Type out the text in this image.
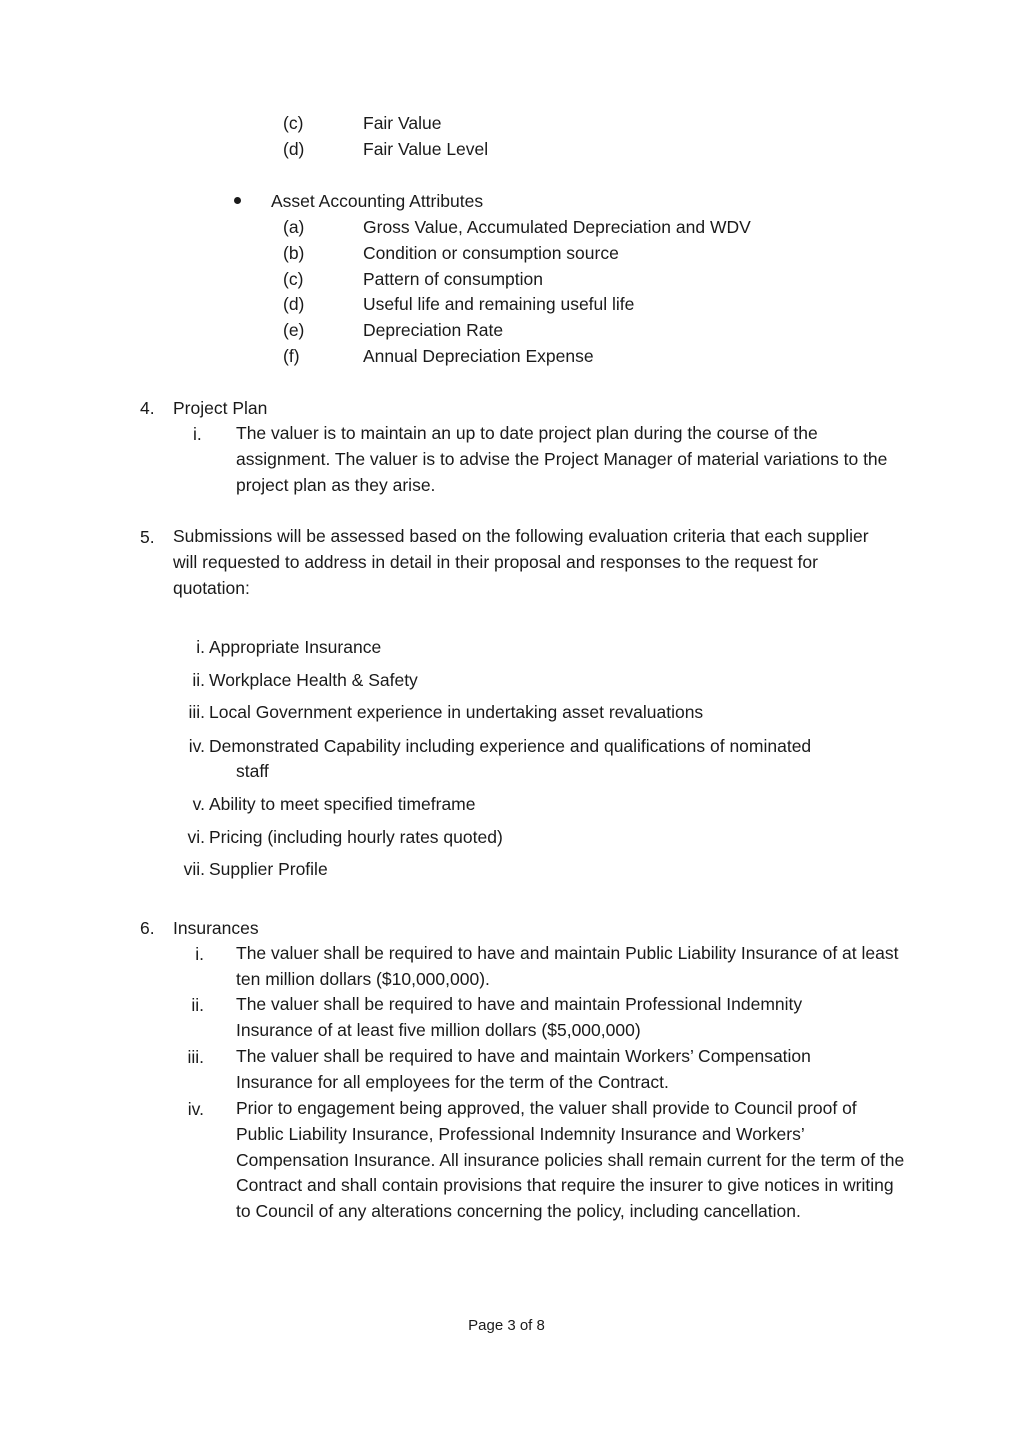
(c)	Fair Value
(d)	Fair Value Level
Asset Accounting Attributes
(a)	Gross Value, Accumulated Depreciation and WDV
(b)	Condition or consumption source
(c)	Pattern of consumption
(d)	Useful life and remaining useful life
(e)	Depreciation Rate
(f)	Annual Depreciation Expense
4. Project Plan
i. The valuer is to maintain an up to date project plan during the course of the assignment. The valuer is to advise the Project Manager of material variations to the project plan as they arise.
5. Submissions will be assessed based on the following evaluation criteria that each supplier will requested to address in detail in their proposal and responses to the request for quotation:
i. Appropriate Insurance
ii. Workplace Health & Safety
iii. Local Government experience in undertaking asset revaluations
iv. Demonstrated Capability including experience and qualifications of nominated
staff
v. Ability to meet specified timeframe
vi. Pricing (including hourly rates quoted)
vii. Supplier Profile
6. Insurances
i. The valuer shall be required to have and maintain Public Liability Insurance of at least ten million dollars ($10,000,000).
ii. The valuer shall be required to have and maintain Professional Indemnity Insurance of at least five million dollars ($5,000,000)
iii. The valuer shall be required to have and maintain Workers’ Compensation Insurance for all employees for the term of the Contract.
iv. Prior to engagement being approved, the valuer shall provide to Council proof of Public Liability Insurance, Professional Indemnity Insurance and Workers’ Compensation Insurance. All insurance policies shall remain current for the term of the Contract and shall contain provisions that require the insurer to give notices in writing to Council of any alterations concerning the policy, including cancellation.
Page 3 of 8
